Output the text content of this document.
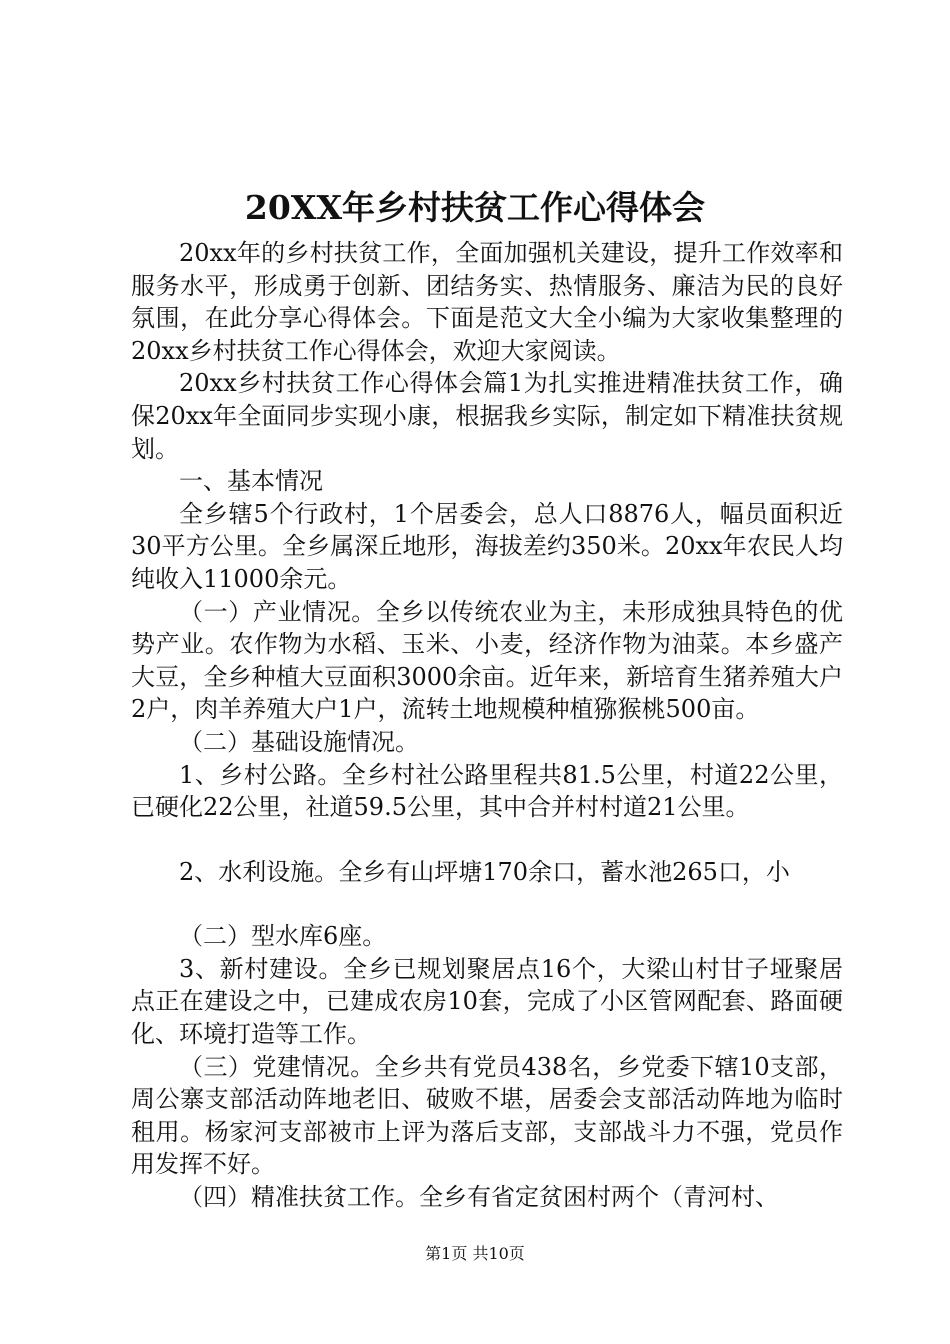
20XX年乡村扶贫工作心得体会

20xx年的乡村扶贫工作，全面加强机关建设，提升工作效率和服务水平，形成勇于创新、团结务实、热情服务、廉洁为民的良好氛围，在此分享心得体会。下面是范文大全小编为大家收集整理的20xx乡村扶贫工作心得体会，欢迎大家阅读。

20xx乡村扶贫工作心得体会篇1为扎实推进精准扶贫工作，确保20xx年全面同步实现小康，根据我乡实际，制定如下精准扶贫规划。

一、基本情况

全乡辖5个行政村，1个居委会，总人口8876人，幅员面积近30平方公里。全乡属深丘地形，海拔差约350米。20xx年农民人均纯收入11000余元。

（一）产业情况。全乡以传统农业为主，未形成独具特色的优势产业。农作物为水稻、玉米、小麦，经济作物为油菜。本乡盛产大豆，全乡种植大豆面积3000余亩。近年来，新培育生猪养殖大户2户，肉羊养殖大户1户，流转土地规模种植猕猴桃500亩。

（二）基础设施情况。

1、乡村公路。全乡村社公路里程共81.5公里，村道22公里，已硬化22公里，社道59.5公里，其中合并村村道21公里。

2、水利设施。全乡有山坪塘170余口，蓄水池265口，小

（二）型水库6座。

3、新村建设。全乡已规划聚居点16个，大梁山村甘子垭聚居点正在建设之中，已建成农房10套，完成了小区管网配套、路面硬化、环境打造等工作。

（三）党建情况。全乡共有党员438名，乡党委下辖10支部，周公寨支部活动阵地老旧、破败不堪，居委会支部活动阵地为临时租用。杨家河支部被市上评为落后支部，支部战斗力不强，党员作用发挥不好。

（四）精准扶贫工作。全乡有省定贫困村两个（青河村、

第1页 共10页
